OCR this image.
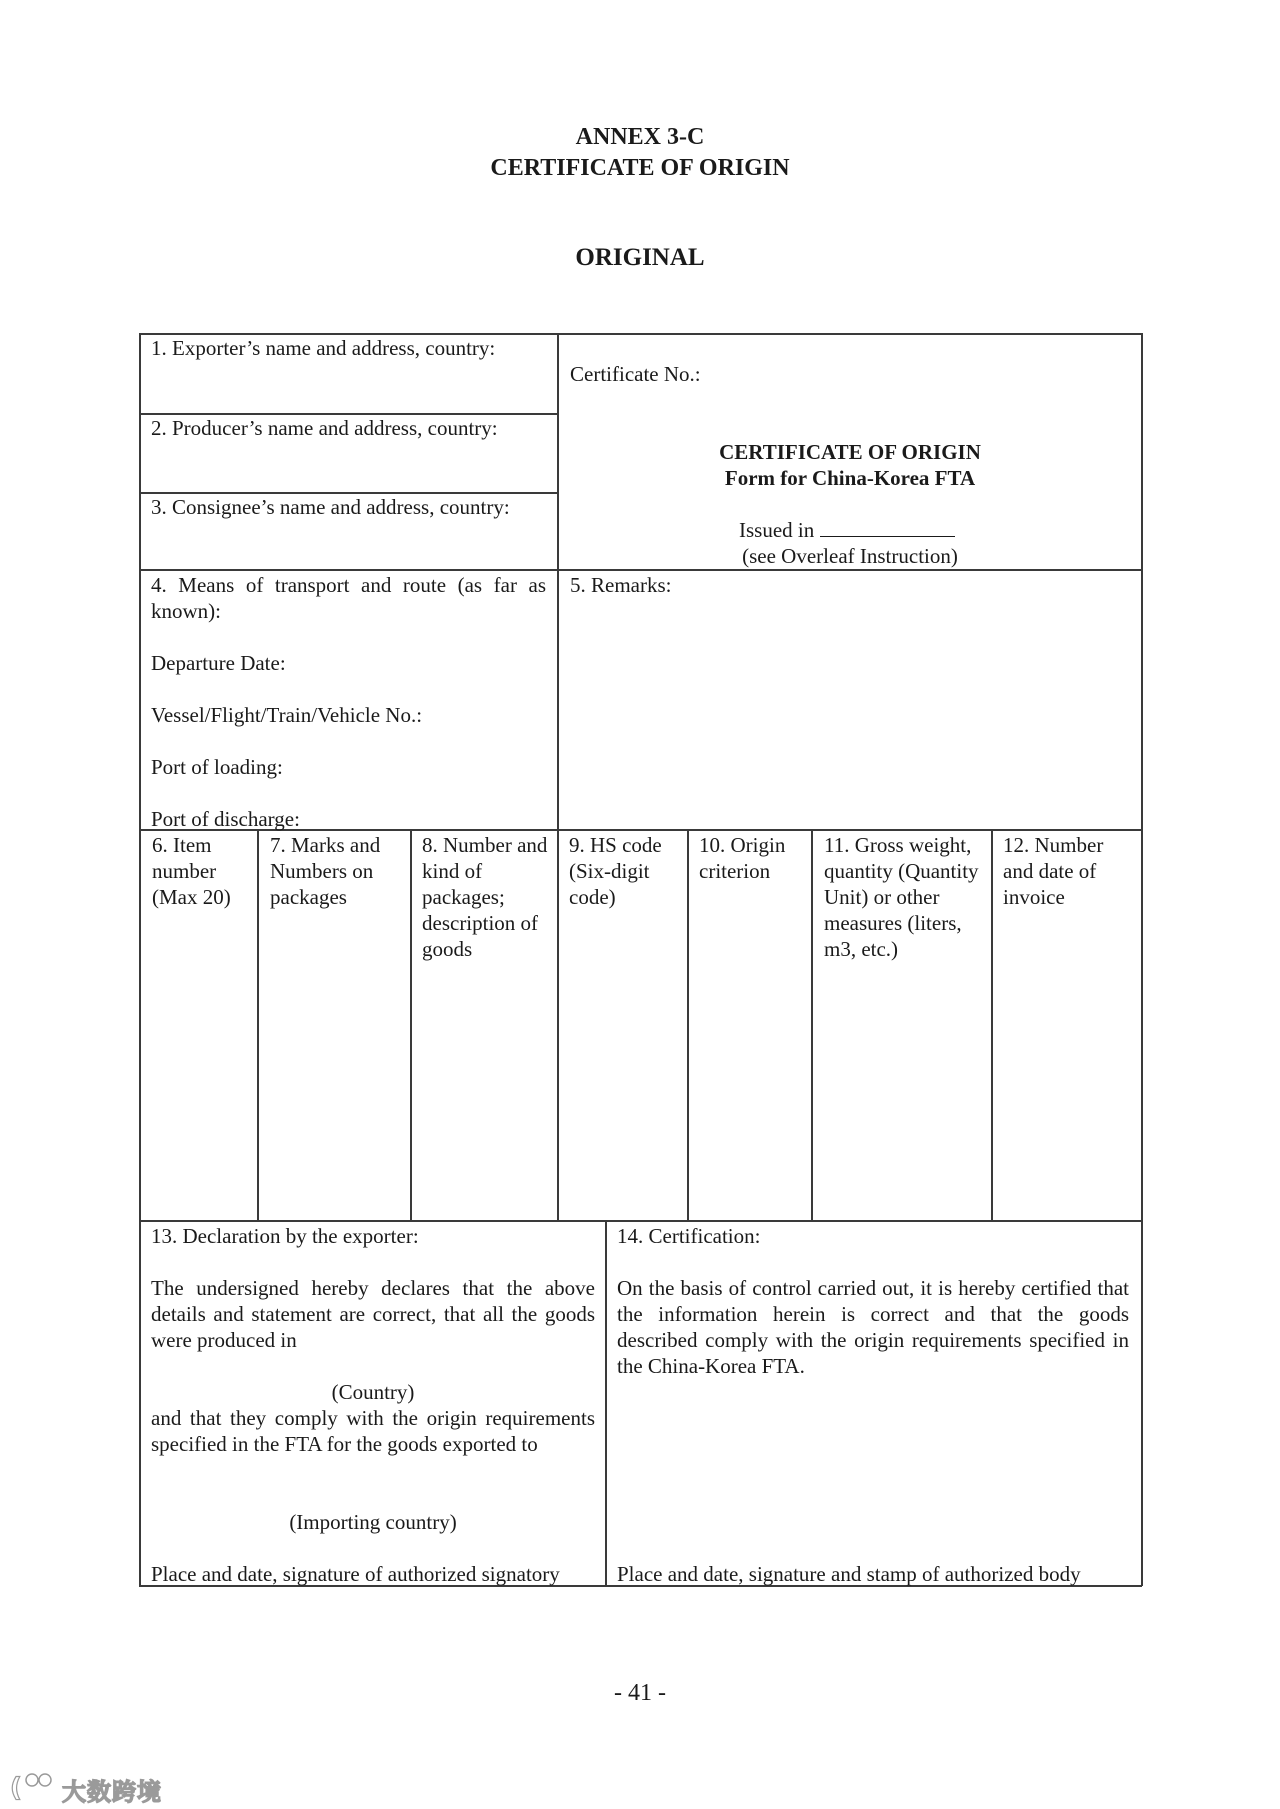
ANNEX 3-C
CERTIFICATE OF ORIGIN
ORIGINAL
1. Exporter’s name and address, country:
2. Producer’s name and address, country:
3. Consignee’s name and address, country:
Certificate No.:
CERTIFICATE OF ORIGIN
Form for China-Korea FTA
Issued in
(see Overleaf Instruction)
4. Means of transport and route (as far as known):
Departure Date:
Vessel/Flight/Train/Vehicle No.:
Port of loading:
Port of discharge:
5. Remarks:
6. Item number (Max 20)
7. Marks and Numbers on packages
8. Number and kind of packages; description of goods
9. HS code (Six-digit code)
10. Origin criterion
11. Gross weight, quantity (Quantity Unit) or other measures (liters, m3, etc.)
12. Number and date of invoice
13. Declaration by the exporter:
The undersigned hereby declares that the above details and statement are correct, that all the goods were produced in
(Country)
and that they comply with the origin requirements specified in the FTA for the goods exported to
(Importing country)
Place and date, signature of authorized signatory
14. Certification:
On the basis of control carried out, it is hereby certified that the information herein is correct and that the goods described comply with the origin requirements specified in the China-Korea FTA.
Place and date, signature and stamp of authorized body
- 41 -
( 大数跨境
